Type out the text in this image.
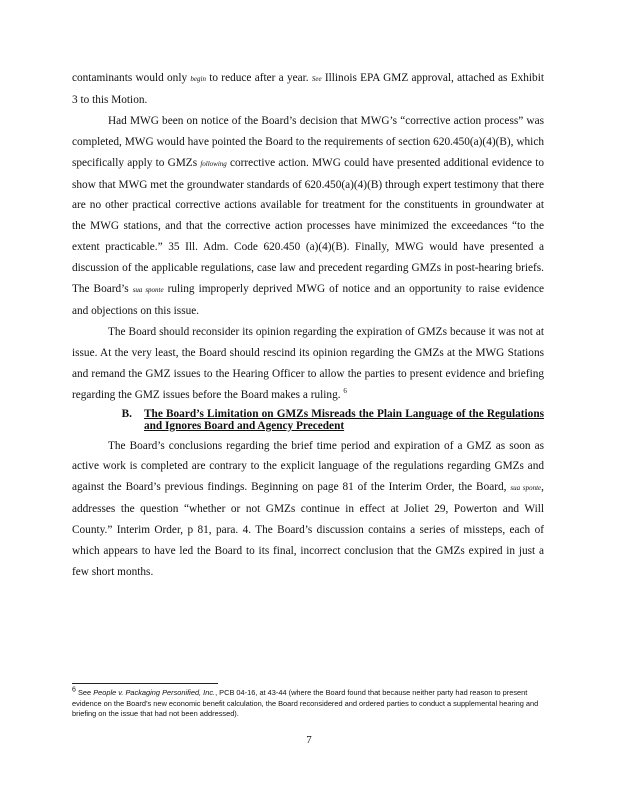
contaminants would only begin to reduce after a year. See Illinois EPA GMZ approval, attached as Exhibit 3 to this Motion.

Had MWG been on notice of the Board’s decision that MWG’s “corrective action process” was completed, MWG would have pointed the Board to the requirements of section 620.450(a)(4)(B), which specifically apply to GMZs following corrective action. MWG could have presented additional evidence to show that MWG met the groundwater standards of 620.450(a)(4)(B) through expert testimony that there are no other practical corrective actions available for treatment for the constituents in groundwater at the MWG stations, and that the corrective action processes have minimized the exceedances “to the extent practicable.” 35 Ill. Adm. Code 620.450 (a)(4)(B). Finally, MWG would have presented a discussion of the applicable regulations, case law and precedent regarding GMZs in post-hearing briefs. The Board’s sua sponte ruling improperly deprived MWG of notice and an opportunity to raise evidence and objections on this issue.

The Board should reconsider its opinion regarding the expiration of GMZs because it was not at issue. At the very least, the Board should rescind its opinion regarding the GMZs at the MWG Stations and remand the GMZ issues to the Hearing Officer to allow the parties to present evidence and briefing regarding the GMZ issues before the Board makes a ruling. $^6$

B.	The Board’s Limitation on GMZs Misreads the Plain Language of the Regulations and Ignores Board and Agency Precedent

The Board’s conclusions regarding the brief time period and expiration of a GMZ as soon as active work is completed are contrary to the explicit language of the regulations regarding GMZs and against the Board’s previous findings. Beginning on page 81 of the Interim Order, the Board, sua sponte, addresses the question “whether or not GMZs continue in effect at Joliet 29, Powerton and Will County.” Interim Order, p 81, para. 4. The Board’s discussion contains a series of missteps, each of which appears to have led the Board to its final, incorrect conclusion that the GMZs expired in just a few short months.

$^6$ See People v. Packaging Personified, Inc., PCB 04-16, at 43-44 (where the Board found that because neither party had reason to present evidence on the Board’s new economic benefit calculation, the Board reconsidered and ordered parties to conduct a supplemental hearing and briefing on the issue that had not been addressed).
7
